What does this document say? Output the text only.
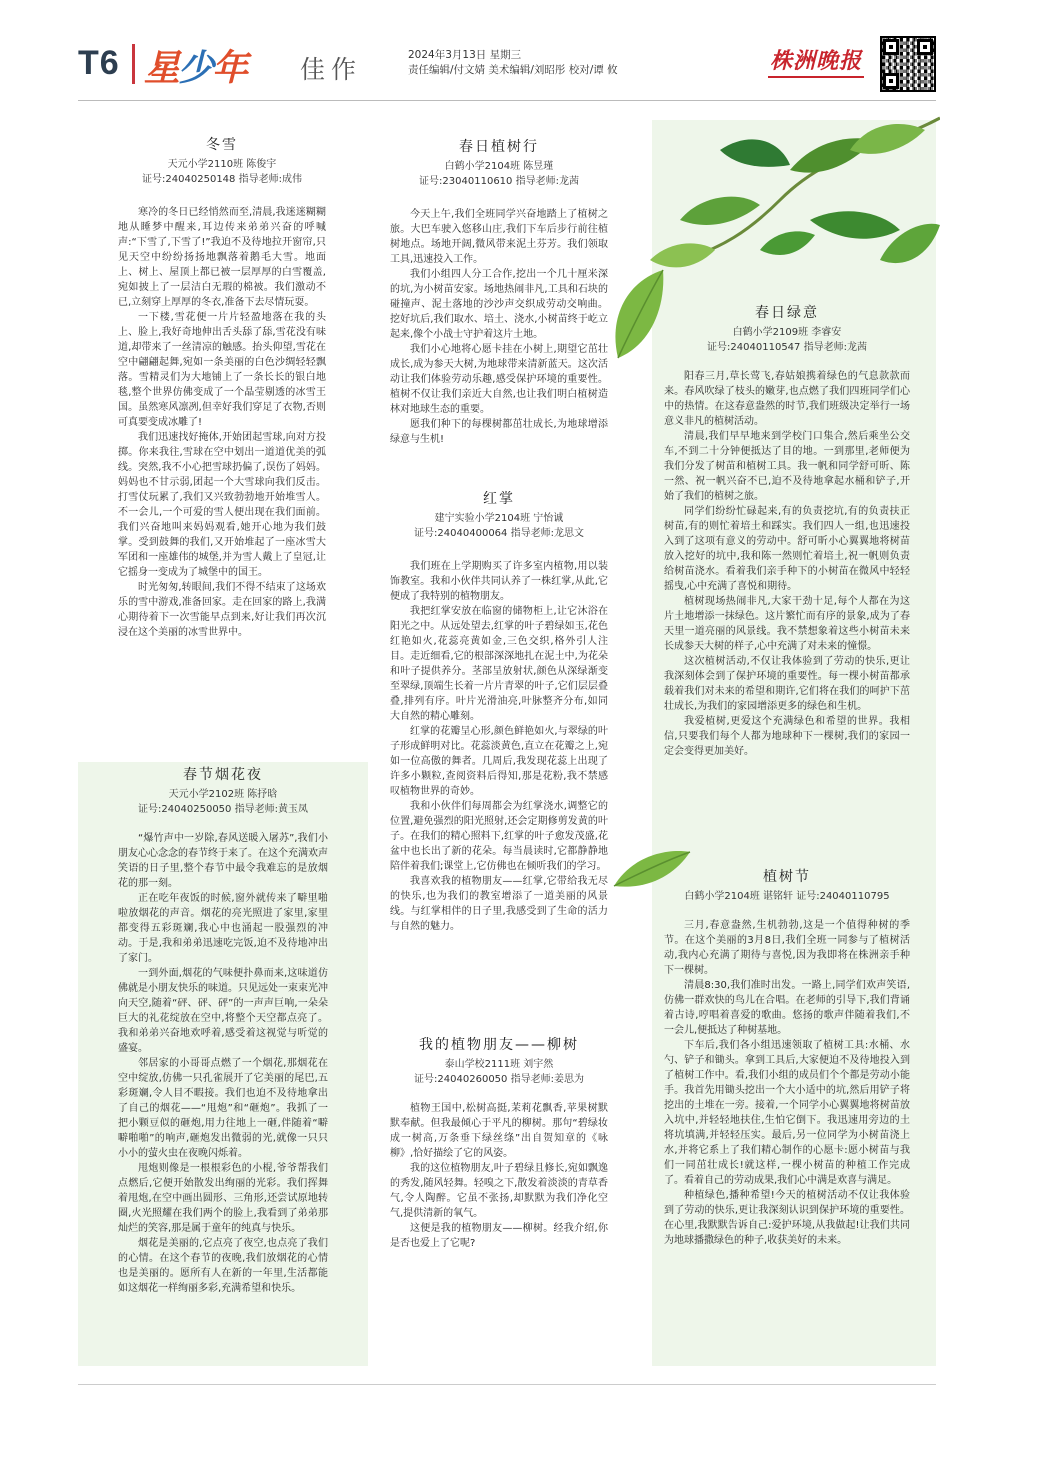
T6 星少年 佳作	2024年3月13日 星期三
责任编辑/付文婧 美术编辑/刘昭彤 校对/谭 攸	株洲晚报
冬雪
天元小学2110班 陈俊宇
证号:24040250148 指导老师:成伟

寒冷的冬日已经悄然而至,清晨,我迷迷糊糊地从睡梦中醒来,耳边传来弟弟兴奋的呼喊声:“下雪了,下雪了!”我迫不及待地拉开窗帘,只见天空中纷纷扬扬地飘落着鹅毛大雪。地面上、树上、屋顶上都已被一层厚厚的白雪覆盖,宛如披上了一层洁白无瑕的棉被。我们激动不已,立刻穿上厚厚的冬衣,准备下去尽情玩耍。

一下楼,雪花便一片片轻盈地落在我的头上、脸上,我好奇地伸出舌头舔了舔,雪花没有味道,却带来了一丝清凉的触感。抬头仰望,雪花在空中翩翩起舞,宛如一条美丽的白色沙绸轻轻飘落。雪精灵们为大地铺上了一条长长的银白地毯,整个世界仿佛变成了一个晶莹剔透的冰雪王国。虽然寒风凛冽,但幸好我们穿足了衣物,否则可真要变成冰雕了!

我们迅速找好掩体,开始团起雪球,向对方投掷。你来我往,雪球在空中划出一道道优美的弧线。突然,我不小心把雪球扔偏了,误伤了妈妈。妈妈也不甘示弱,团起一个大雪球向我们反击。打雪仗玩累了,我们又兴致勃勃地开始堆雪人。不一会儿,一个可爱的雪人便出现在我们面前。我们兴奋地叫来妈妈观看,她开心地为我们鼓掌。受到鼓舞的我们,又开始堆起了一座冰雪大军团和一座雄伟的城堡,并为雪人戴上了皇冠,让它摇身一变成为了城堡中的国王。

时光匆匆,转眼间,我们不得不结束了这场欢乐的雪中游戏,准备回家。走在回家的路上,我满心期待着下一次雪能早点到来,好让我们再次沉浸在这个美丽的冰雪世界中。

春节烟花夜
天元小学2102班 陈抒晗
证号:24040250050 指导老师:黄玉凤

“爆竹声中一岁除,春风送暖入屠苏”,我们小朋友心心念念的春节终于来了。在这个充满欢声笑语的日子里,整个春节中最令我难忘的是放烟花的那一刻。

正在吃年夜饭的时候,窗外就传来了噼里啪啦放烟花的声音。烟花的亮光照进了家里,家里都变得五彩斑斓,我心中也涌起一股强烈的冲动。于是,我和弟弟迅速吃完饭,迫不及待地冲出了家门。

一到外面,烟花的气味便扑鼻而来,这味道仿佛就是小朋友快乐的味道。只见远处一束束光冲向天空,随着“砰、砰、砰”的一声声巨响,一朵朵巨大的礼花绽放在空中,将整个天空都点亮了。我和弟弟兴奋地欢呼着,感受着这视觉与听觉的盛宴。

邻居家的小哥哥点燃了一个烟花,那烟花在空中绽放,仿佛一只孔雀展开了它美丽的尾巴,五彩斑斓,令人目不暇接。我们也迫不及待地拿出了自己的烟花——“甩炮”和“砸炮”。我抓了一把小颗豆似的砸炮,用力往地上一砸,伴随着“噼噼啪啪”的响声,砸炮发出微弱的光,就像一只只小小的萤火虫在夜晚闪烁着。

甩炮则像是一根根彩色的小棍,爷爷帮我们点燃后,它便开始散发出绚丽的光彩。我们挥舞着甩炮,在空中画出圆形、三角形,还尝试原地转圈,火光照耀在我们两个的脸上,我看到了弟弟那灿烂的笑容,那是属于童年的纯真与快乐。

烟花是美丽的,它点亮了夜空,也点亮了我们的心情。在这个春节的夜晚,我们放烟花的心情也是美丽的。愿所有人在新的一年里,生活都能如这烟花一样绚丽多彩,充满希望和快乐。

春日植树行
白鹤小学2104班 陈昱瑾
证号:23040110610 指导老师:龙茜

今天上午,我们全班同学兴奋地踏上了植树之旅。大巴车驶入悠移山庄,我们下车后步行前往植树地点。场地开阔,微风带来泥土芬芳。我们领取工具,迅速投入工作。

我们小组四人分工合作,挖出一个几十厘米深的坑,为小树苗安家。场地热闹非凡,工具和石块的碰撞声、泥土落地的沙沙声交织成劳动交响曲。挖好坑后,我们取水、培土、浇水,小树苗终于屹立起来,像个小战士守护着这片土地。

我们小心地将心愿卡挂在小树上,期望它茁壮成长,成为参天大树,为地球带来清新蓝天。这次活动让我们体验劳动乐趣,感受保护环境的重要性。植树不仅让我们亲近大自然,也让我们明白植树造林对地球生态的重要。

愿我们种下的每棵树都茁壮成长,为地球增添绿意与生机!

红掌
建宁实验小学2104班 宁怡诚
证号:24040400064 指导老师:龙思文

我们班在上学期购买了许多室内植物,用以装饰教室。我和小伙伴共同认养了一株红掌,从此,它便成了我特别的植物朋友。

我把红掌安放在临窗的储物柜上,让它沐浴在阳光之中。从远处望去,红掌的叶子碧绿如玉,花色红艳如火,花蕊亮黄如金,三色交织,格外引人注目。走近细看,它的根部深深地扎在泥土中,为花朵和叶子提供养分。茎部呈放射状,颜色从深绿渐变至翠绿,顶端生长着一片片青翠的叶子,它们层层叠叠,排列有序。叶片光滑油亮,叶脉整齐分布,如同大自然的精心雕刻。

红掌的花瓣呈心形,颜色鲜艳如火,与翠绿的叶子形成鲜明对比。花蕊淡黄色,直立在花瓣之上,宛如一位高傲的舞者。几周后,我发现花蕊上出现了许多小颗粒,查阅资料后得知,那是花粉,我不禁感叹植物世界的奇妙。

我和小伙伴们每周都会为红掌浇水,调整它的位置,避免强烈的阳光照射,还会定期修剪发黄的叶子。在我们的精心照料下,红掌的叶子愈发茂盛,花盆中也长出了新的花朵。每当晨读时,它都静静地陪伴着我们;课堂上,它仿佛也在倾听我们的学习。

我喜欢我的植物朋友——红掌,它带给我无尽的快乐,也为我们的教室增添了一道美丽的风景线。与红掌相伴的日子里,我感受到了生命的活力与自然的魅力。

我的植物朋友——柳树
泰山学校2111班 刘宇然
证号:24040260050 指导老师:姜思为

植物王国中,松树高挺,茉莉花飘香,苹果树默默奉献。但我最倾心于平凡的柳树。那句“碧绿妆成一树高,万条垂下绿丝绦”出自贺知章的《咏柳》,恰好描绘了它的风姿。

我的这位植物朋友,叶子碧绿且修长,宛如飘逸的秀发,随风轻舞。轻嗅之下,散发着淡淡的青草香气,令人陶醉。它虽不张扬,却默默为我们净化空气,提供清新的氧气。

这便是我的植物朋友——柳树。经我介绍,你是否也爱上了它呢?

春日绿意
白鹤小学2109班 李睿安
证号:24040110547 指导老师:龙茜

阳春三月,草长莺飞,春姑娘携着绿色的气息款款而来。春风吹绿了枝头的嫩芽,也点燃了我们四班同学们心中的热情。在这春意盎然的时节,我们班级决定举行一场意义非凡的植树活动。

清晨,我们早早地来到学校门口集合,然后乘坐公交车,不到二十分钟便抵达了目的地。一到那里,老师便为我们分发了树苗和植树工具。我一帆和同学舒可昕、陈一然、祝一帆兴奋不已,迫不及待地拿起水桶和铲子,开始了我们的植树之旅。

同学们纷纷忙碌起来,有的负责挖坑,有的负责扶正树苗,有的则忙着培土和踩实。我们四人一组,也迅速投入到了这项有意义的劳动中。舒可昕小心翼翼地将树苗放入挖好的坑中,我和陈一然则忙着培土,祝一帆则负责给树苗浇水。看着我们亲手种下的小树苗在微风中轻轻摇曳,心中充满了喜悦和期待。

植树现场热闹非凡,大家干劲十足,每个人都在为这片土地增添一抹绿色。这片繁忙而有序的景象,成为了春天里一道亮丽的风景线。我不禁想象着这些小树苗未来长成参天大树的样子,心中充满了对未来的憧憬。

这次植树活动,不仅让我体验到了劳动的快乐,更让我深刻体会到了保护环境的重要性。每一棵小树苗都承载着我们对未来的希望和期许,它们将在我们的呵护下茁壮成长,为我们的家园增添更多的绿色和生机。

我爱植树,更爱这个充满绿色和希望的世界。我相信,只要我们每个人都为地球种下一棵树,我们的家园一定会变得更加美好。

植树节
白鹤小学2104班 谌铭轩 证号:24040110795

三月,春意盎然,生机勃勃,这是一个值得种树的季节。在这个美丽的3月8日,我们全班一同参与了植树活动,我内心充满了期待与喜悦,因为我即将在株洲亲手种下一棵树。

清晨8:30,我们准时出发。一路上,同学们欢声笑语,仿佛一群欢快的鸟儿在合唱。在老师的引导下,我们背诵着古诗,哼唱着喜爱的歌曲。悠扬的歌声伴随着我们,不一会儿,便抵达了种树基地。

下车后,我们各小组迅速领取了植树工具:水桶、水勺、铲子和锄头。拿到工具后,大家便迫不及待地投入到了植树工作中。看,我们小组的成员们个个都是劳动小能手。我首先用锄头挖出一个大小适中的坑,然后用铲子将挖出的土堆在一旁。接着,一个同学小心翼翼地将树苗放入坑中,并轻轻地扶住,生怕它倒下。我迅速用旁边的土将坑填满,并轻轻压实。最后,另一位同学为小树苗浇上水,并将它系上了我们精心制作的心愿卡:愿小树苗与我们一同茁壮成长!就这样,一棵小树苗的种植工作完成了。看着自己的劳动成果,我们心中满是欢喜与满足。

种植绿色,播种希望!今天的植树活动不仅让我体验到了劳动的快乐,更让我深刻认识到保护环境的重要性。在心里,我默默告诉自己:爱护环境,从我做起!让我们共同为地球播撒绿色的种子,收获美好的未来。
